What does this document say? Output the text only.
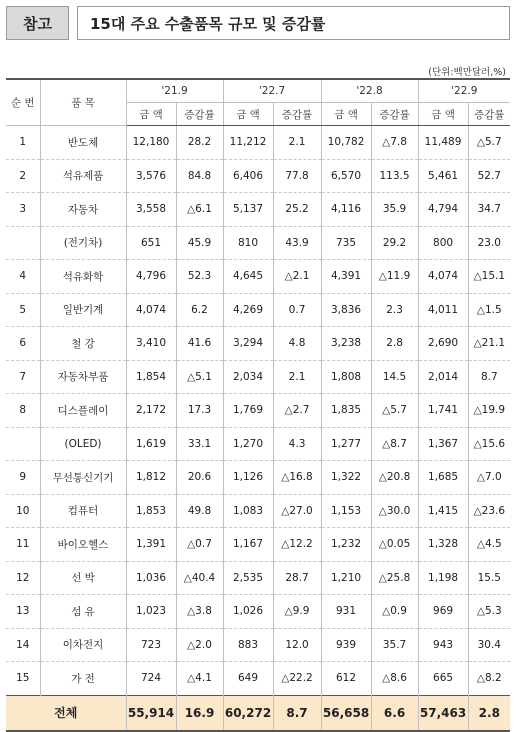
참고	15대 주요 수출품목 규모 및 증감률
(단위:백만달러,%)
순 번	품 목	'21.9		'22.7		'22.8		'22.9	
		금 액	증감률	금 액	증감률	금 액	증감률	금 액	증감률
1	반도체	12,180	28.2	11,212	2.1	10,782	△7.8	11,489	△5.7
2	석유제품	3,576	84.8	6,406	77.8	6,570	113.5	5,461	52.7
3	자동차	3,558	△6.1	5,137	25.2	4,116	35.9	4,794	34.7
	(전기차)	651	45.9	810	43.9	735	29.2	800	23.0
4	석유화학	4,796	52.3	4,645	△2.1	4,391	△11.9	4,074	△15.1
5	일반기계	4,074	6.2	4,269	0.7	3,836	2.3	4,011	△1.5
6	철 강	3,410	41.6	3,294	4.8	3,238	2.8	2,690	△21.1
7	자동차부품	1,854	△5.1	2,034	2.1	1,808	14.5	2,014	8.7
8	디스플레이	2,172	17.3	1,769	△2.7	1,835	△5.7	1,741	△19.9
	(OLED)	1,619	33.1	1,270	4.3	1,277	△8.7	1,367	△15.6
9	무선통신기기	1,812	20.6	1,126	△16.8	1,322	△20.8	1,685	△7.0
10	컴퓨터	1,853	49.8	1,083	△27.0	1,153	△30.0	1,415	△23.6
11	바이오헬스	1,391	△0.7	1,167	△12.2	1,232	△0.05	1,328	△4.5
12	선 박	1,036	△40.4	2,535	28.7	1,210	△25.8	1,198	15.5
13	섬 유	1,023	△3.8	1,026	△9.9	931	△0.9	969	△5.3
14	이차전지	723	△2.0	883	12.0	939	35.7	943	30.4
15	가 전	724	△4.1	649	△22.2	612	△8.6	665	△8.2
전체		55,914	16.9	60,272	8.7	56,658	6.6	57,463	2.8
